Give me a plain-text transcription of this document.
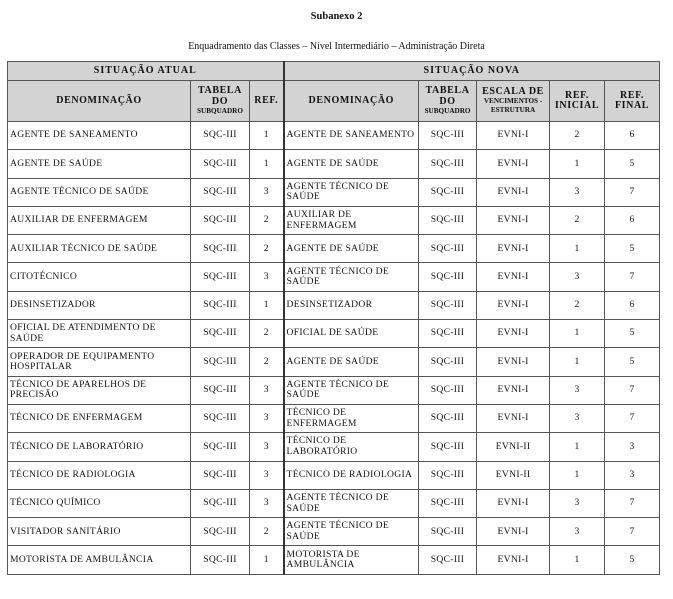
Subanexo 2
Enquadramento das Classes – Nível Intermediário – Administração Direta
SITUAÇÃO ATUAL			SITUAÇÃO NOVA				

DENOMINAÇÃO	TABELA
DO
SUBQUADRO	REF.	DENOMINAÇÃO	TABELA
DO
SUBQUADRO	ESCALA DE
VENCIMENTOS -
ESTRUTURA	REF.
INICIAL	REF.
FINAL

AGENTE DE SANEAMENTO	SQC-III	1	AGENTE DE SANEAMENTO	SQC-III	EVNI-I	2	6
AGENTE DE SAÚDE	SQC-III	1	AGENTE DE SAÚDE	SQC-III	EVNI-I	1	5
AGENTE TÉCNICO DE SAÚDE	SQC-III	3	AGENTE TÉCNICO DE SAÚDE	SQC-III	EVNI-I	3	7
AUXILIAR DE ENFERMAGEM	SQC-III	2	AUXILIAR DE ENFERMAGEM	SQC-III	EVNI-I	2	6
AUXILIAR TÉCNICO DE SAÚDE	SQC-III	2	AGENTE DE SAÚDE	SQC-III	EVNI-I	1	5
CITOTÉCNICO	SQC-III	3	AGENTE TÉCNICO DE SAÚDE	SQC-III	EVNI-I	3	7
DESINSETIZADOR	SQC-III	1	DESINSETIZADOR	SQC-III	EVNI-I	2	6
OFICIAL DE ATENDIMENTO DE SAÚDE	SQC-III	2	OFICIAL DE SAÚDE	SQC-III	EVNI-I	1	5
OPERADOR DE EQUIPAMENTO HOSPITALAR	SQC-III	2	AGENTE DE SAÚDE	SQC-III	EVNI-I	1	5
TÉCNICO DE APARELHOS DE PRECISÃO	SQC-III	3	AGENTE TÉCNICO DE SAÚDE	SQC-III	EVNI-I	3	7
TÉCNICO DE ENFERMAGEM	SQC-III	3	TÉCNICO DE ENFERMAGEM	SQC-III	EVNI-I	3	7
TÉCNICO DE LABORATÓRIO	SQC-III	3	TÉCNICO DE LABORATÓRIO	SQC-III	EVNI-II	1	3
TÉCNICO DE RADIOLOGIA	SQC-III	3	TÉCNICO DE RADIOLOGIA	SQC-III	EVNI-II	1	3
TÉCNICO QUÍMICO	SQC-III	3	AGENTE TÉCNICO DE SAÚDE	SQC-III	EVNI-I	3	7
VISITADOR SANITÁRIO	SQC-III	2	AGENTE TÉCNICO DE SAÚDE	SQC-III	EVNI-I	3	7
MOTORISTA DE AMBULÂNCIA	SQC-III	1	MOTORISTA DE AMBULÂNCIA	SQC-III	EVNI-I	1	5
